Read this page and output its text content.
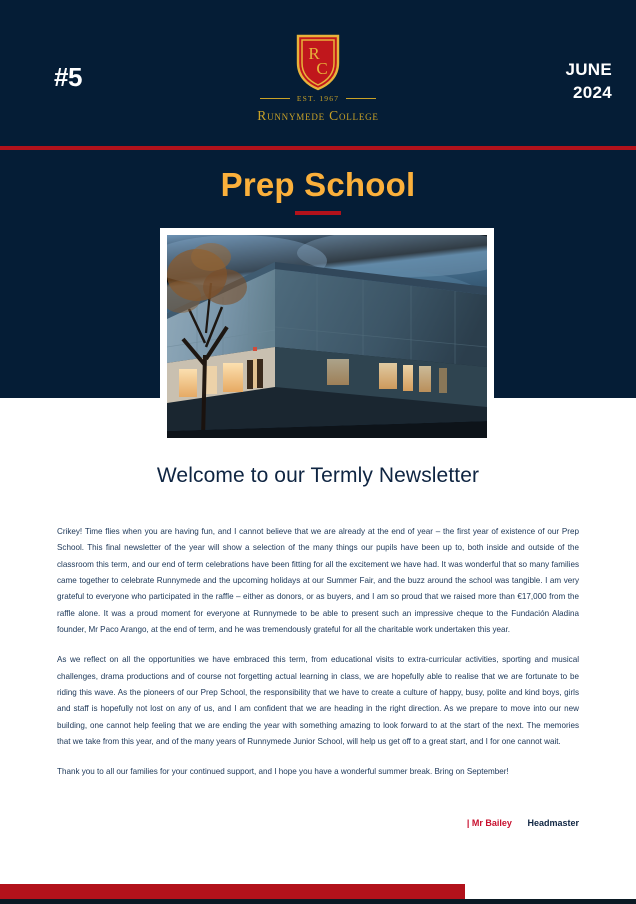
#5	JUNE
2024
R
C
EST. 1967
Runnymede College
Prep School
Welcome to our Termly Newsletter

Crikey! Time flies when you are having fun, and I cannot believe that we are already at the end of year – the first year of existence of our Prep School. This final newsletter of the year will show a selection of the many things our pupils have been up to, both inside and outside of the classroom this term, and our end of term celebrations have been fitting for all the excitement we have had. It was wonderful that so many families came together to celebrate Runnymede and the upcoming holidays at our Summer Fair, and the buzz around the school was tangible. I am very grateful to everyone who participated in the raffle – either as donors, or as buyers, and I am so proud that we raised more than €17,000 from the raffle alone. It was a proud moment for everyone at Runnymede to be able to present such an impressive cheque to the Fundación Aladina founder, Mr Paco Arango, at the end of term, and he was tremendously grateful for all the charitable work undertaken this year.

As we reflect on all the opportunities we have embraced this term, from educational visits to extra-curricular activities, sporting and musical challenges, drama productions and of course not forgetting actual learning in class, we are hopefully able to realise that we are fortunate to be riding this wave. As the pioneers of our Prep School, the responsibility that we have to create a culture of happy, busy, polite and kind boys, girls and staff is hopefully not lost on any of us, and I am confident that we are heading in the right direction. As we prepare to move into our new building, one cannot help feeling that we are ending the year with something amazing to look forward to at the start of the next. The memories that we take from this year, and of the many years of Runnymede Junior School, will help us get off to a great start, and I for one cannot wait.

Thank you to all our families for your continued support, and I hope you have a wonderful summer break. Bring on September!

| Mr Bailey Headmaster
